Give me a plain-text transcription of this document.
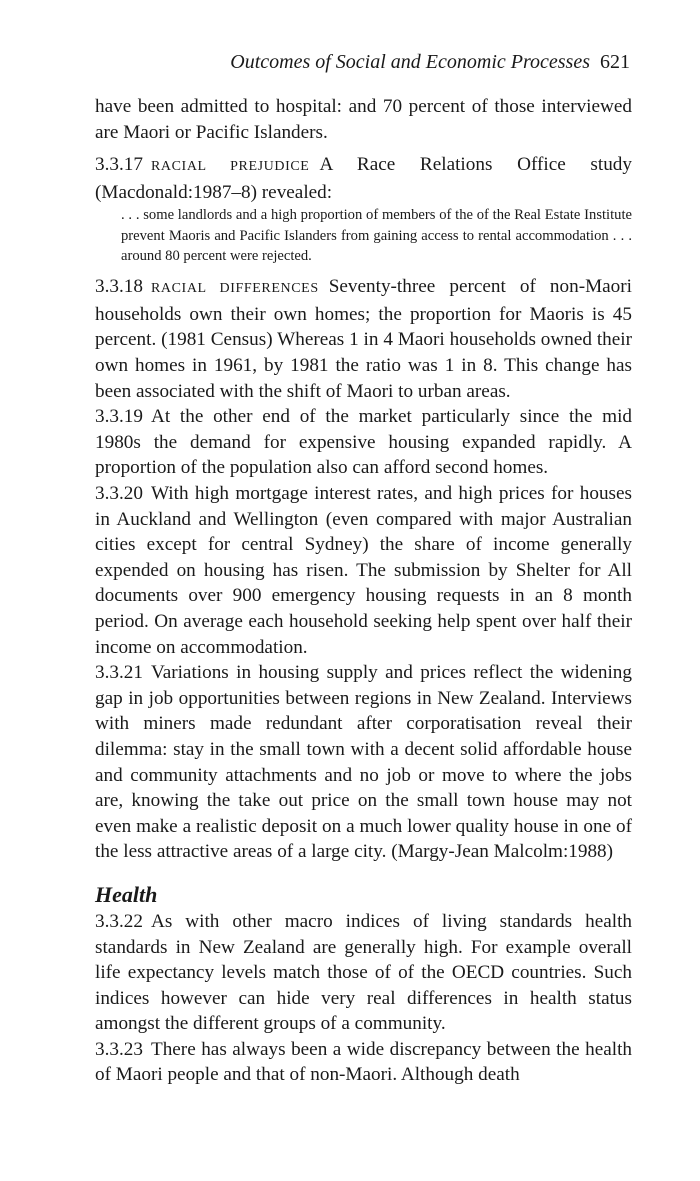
Outcomes of Social and Economic Processes 621

have been admitted to hospital: and 70 percent of those interviewed are Maori or Pacific Islanders.

3.3.17 RACIAL PREJUDICE A Race Relations Office study (Macdonald:1987–8) revealed:

. . . some landlords and a high proportion of members of the of the Real Estate Institute prevent Maoris and Pacific Islanders from gaining access to rental accommodation . . . around 80 percent were rejected.

3.3.18 RACIAL DIFFERENCES Seventy-three percent of non-Maori households own their own homes; the proportion for Maoris is 45 percent. (1981 Census) Whereas 1 in 4 Maori households owned their own homes in 1961, by 1981 the ratio was 1 in 8. This change has been associated with the shift of Maori to urban areas.

3.3.19 At the other end of the market particularly since the mid 1980s the demand for expensive housing expanded rapidly. A proportion of the population also can afford second homes.

3.3.20 With high mortgage interest rates, and high prices for houses in Auckland and Wellington (even compared with major Australian cities except for central Sydney) the share of income generally expended on housing has risen. The submission by Shelter for All documents over 900 emergency housing requests in an 8 month period. On average each household seeking help spent over half their income on accommodation.

3.3.21 Variations in housing supply and prices reflect the widening gap in job opportunities between regions in New Zealand. Interviews with miners made redundant after corporatisation reveal their dilemma: stay in the small town with a decent solid affordable house and community attachments and no job or move to where the jobs are, knowing the take out price on the small town house may not even make a realistic deposit on a much lower quality house in one of the less attractive areas of a large city. (Margy-Jean Malcolm:1988)

Health

3.3.22 As with other macro indices of living standards health standards in New Zealand are generally high. For example overall life expectancy levels match those of of the OECD countries. Such indices however can hide very real differences in health status amongst the different groups of a community.

3.3.23 There has always been a wide discrepancy between the health of Maori people and that of non-Maori. Although death
